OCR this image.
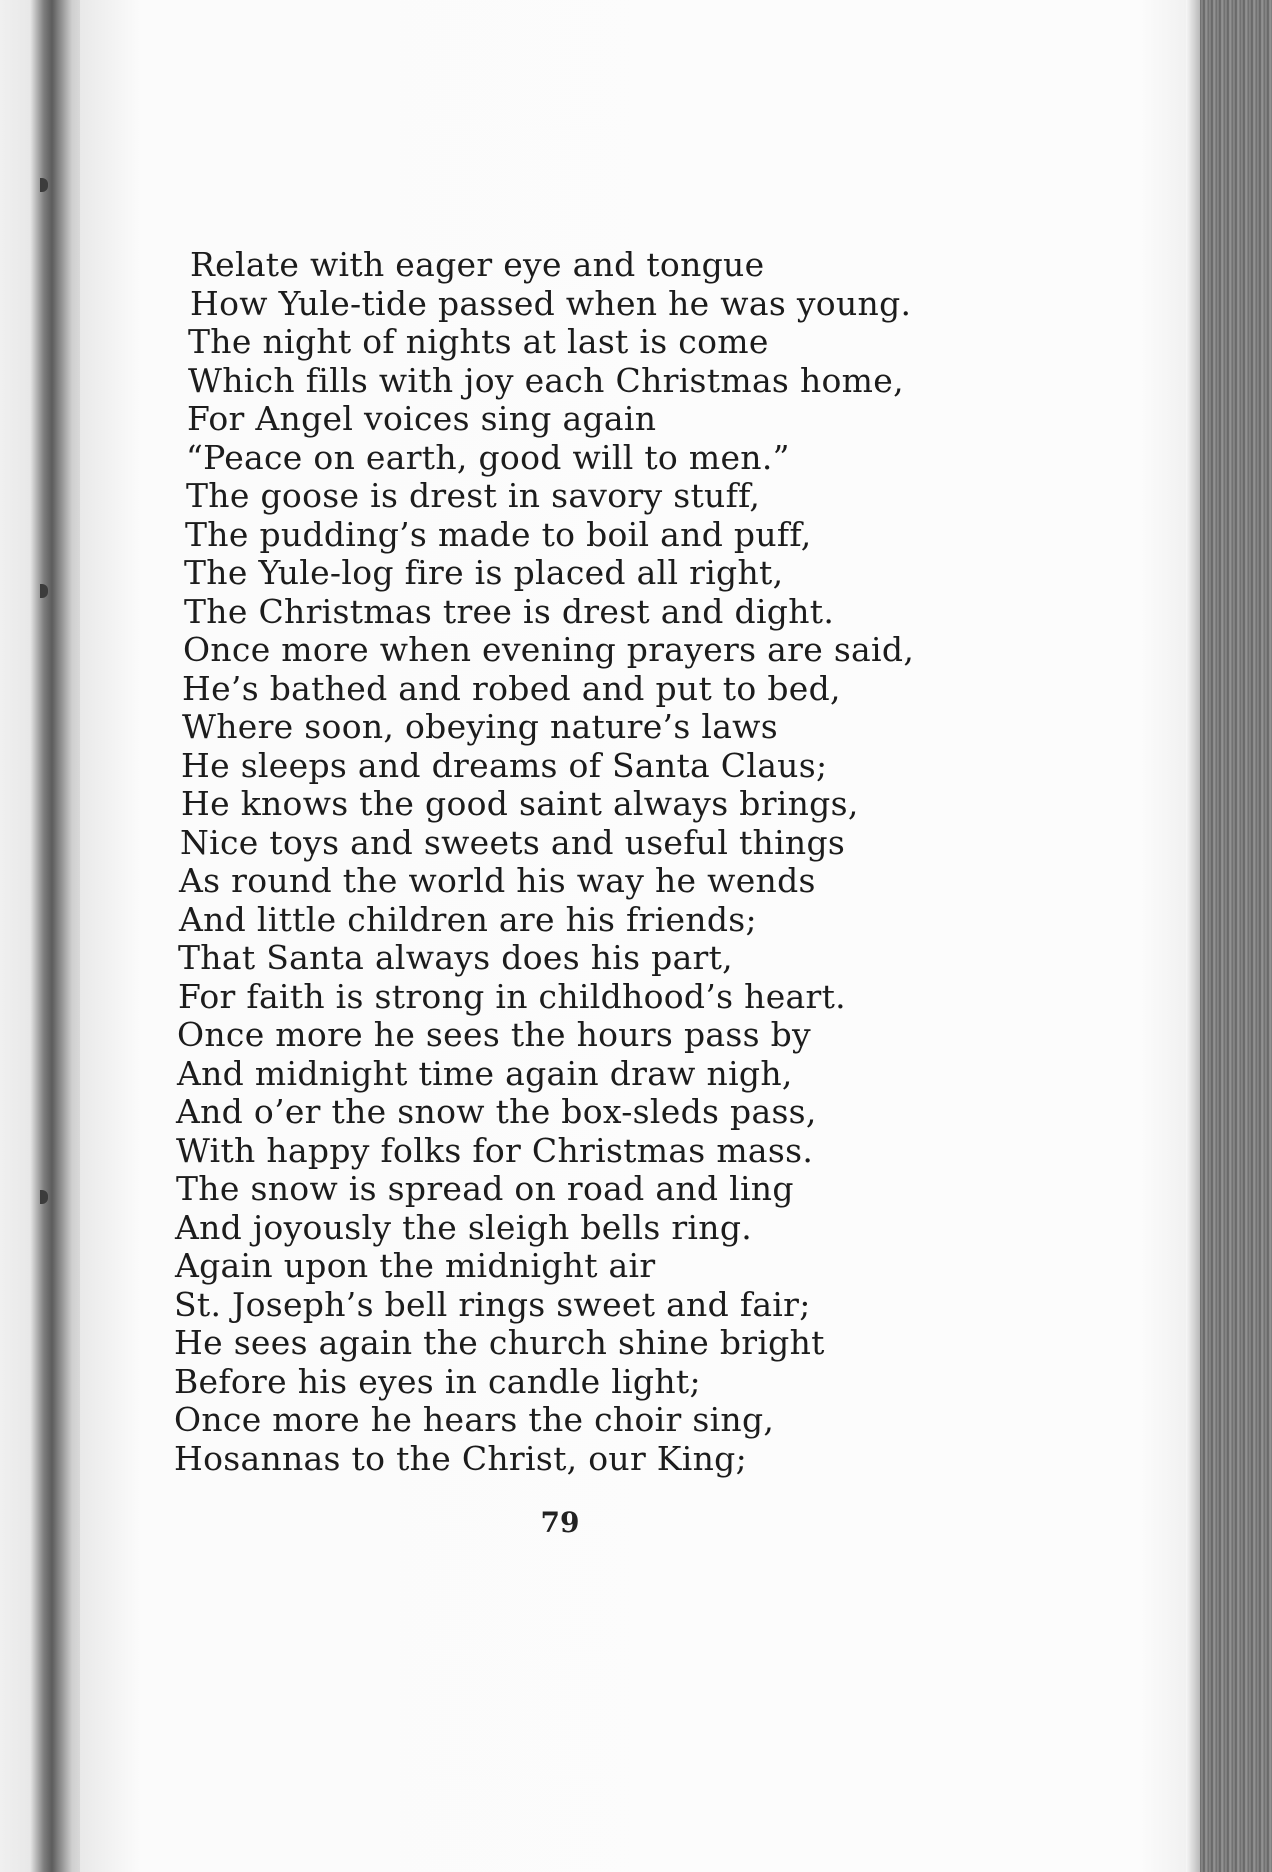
Relate with eager eye and tongue
How Yule-tide passed when he was young.
The night of nights at last is come
Which fills with joy each Christmas home,
For Angel voices sing again
“Peace on earth, good will to men.”
The goose is drest in savory stuff,
The pudding’s made to boil and puff,
The Yule-log fire is placed all right,
The Christmas tree is drest and dight.
Once more when evening prayers are said,
He’s bathed and robed and put to bed,
Where soon, obeying nature’s laws
He sleeps and dreams of Santa Claus;
He knows the good saint always brings,
Nice toys and sweets and useful things
As round the world his way he wends
And little children are his friends;
That Santa always does his part,
For faith is strong in childhood’s heart.
Once more he sees the hours pass by
And midnight time again draw nigh,
And o’er the snow the box-sleds pass,
With happy folks for Christmas mass.
The snow is spread on road and ling
And joyously the sleigh bells ring.
Again upon the midnight air
St. Joseph’s bell rings sweet and fair;
He sees again the church shine bright
Before his eyes in candle light;
Once more he hears the choir sing,
Hosannas to the Christ, our King;
79
